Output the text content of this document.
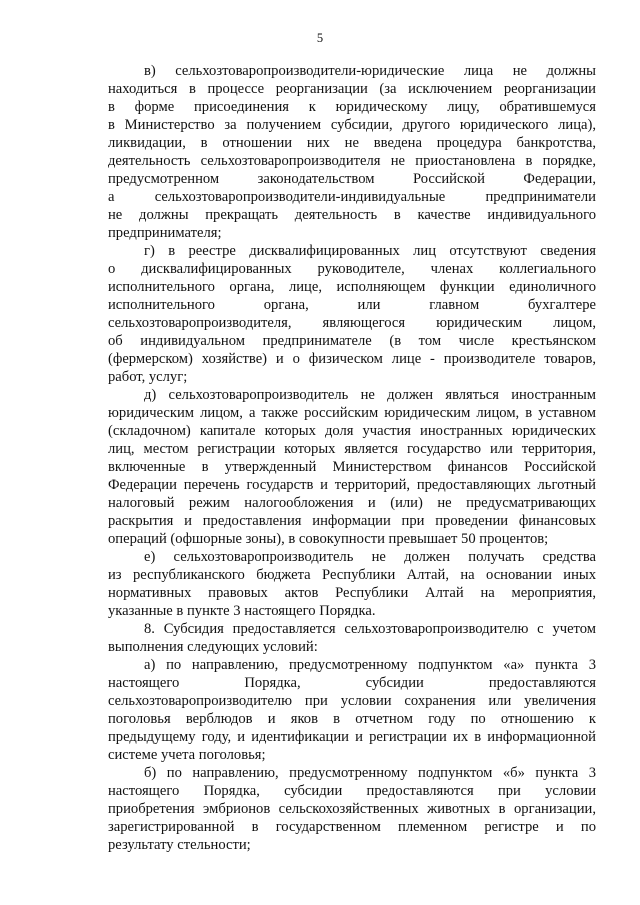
5
в) сельхозтоваропроизводители-юридические лица не должны
находиться в процессе реорганизации (за исключением реорганизации
в форме присоединения к юридическому лицу, обратившемуся
в Министерство за получением субсидии, другого юридического лица),
ликвидации, в отношении них не введена процедура банкротства,
деятельность сельхозтоваропроизводителя не приостановлена в порядке,
предусмотренном законодательством Российской Федерации,
а сельхозтоваропроизводители-индивидуальные предприниматели
не должны прекращать деятельность в качестве индивидуального
предпринимателя;
г) в реестре дисквалифицированных лиц отсутствуют сведения
о дисквалифицированных руководителе, членах коллегиального
исполнительного органа, лице, исполняющем функции единоличного
исполнительного органа, или главном бухгалтере
сельхозтоваропроизводителя, являющегося юридическим лицом,
об индивидуальном предпринимателе (в том числе крестьянском
(фермерском) хозяйстве) и о физическом лице - производителе товаров,
работ, услуг;
д) сельхозтоваропроизводитель не должен являться иностранным
юридическим лицом, а также российским юридическим лицом, в уставном
(складочном) капитале которых доля участия иностранных юридических
лиц, местом регистрации которых является государство или территория,
включенные в утвержденный Министерством финансов Российской
Федерации перечень государств и территорий, предоставляющих льготный
налоговый режим налогообложения и (или) не предусматривающих
раскрытия и предоставления информации при проведении финансовых
операций (офшорные зоны), в совокупности превышает 50 процентов;
е) сельхозтоваропроизводитель не должен получать средства
из республиканского бюджета Республики Алтай, на основании иных
нормативных правовых актов Республики Алтай на мероприятия,
указанные в пункте 3 настоящего Порядка.
8. Субсидия предоставляется сельхозтоваропроизводителю с учетом
выполнения следующих условий:
а) по направлению, предусмотренному подпунктом «а» пункта 3
настоящего Порядка, субсидии предоставляются
сельхозтоваропроизводителю при условии сохранения или увеличения
поголовья верблюдов и яков в отчетном году по отношению к
предыдущему году, и идентификации и регистрации их в информационной
системе учета поголовья;
б) по направлению, предусмотренному подпунктом «б» пункта 3
настоящего Порядка, субсидии предоставляются при условии
приобретения эмбрионов сельскохозяйственных животных в организации,
зарегистрированной в государственном племенном регистре и по
результату стельности;
